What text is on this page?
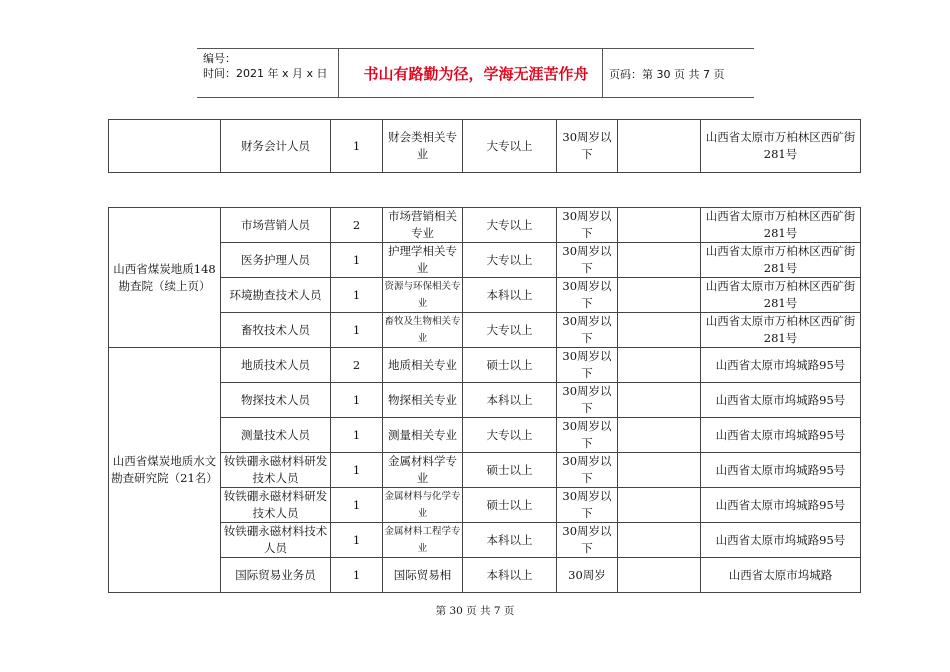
编号：
时间：2021 年 x 月 x 日	书山有路勤为径，学海无涯苦作舟	页码：第 30 页 共 7 页
	财务会计人员	1	财会类相关专业	大专以上	30周岁以下		山西省太原市万柏林区西矿街281号
山西省煤炭地质148勘查院（续上页）	市场营销人员	2	市场营销相关专业	大专以上	30周岁以下		山西省太原市万柏林区西矿街281号
	医务护理人员	1	护理学相关专业	大专以上	30周岁以下		山西省太原市万柏林区西矿街281号
	环境勘查技术人员	1	资源与环保相关专业	本科以上	30周岁以下		山西省太原市万柏林区西矿街281号
	畜牧技术人员	1	畜牧及生物相关专业	大专以上	30周岁以下		山西省太原市万柏林区西矿街281号
山西省煤炭地质水文勘查研究院（21名）	地质技术人员	2	地质相关专业	硕士以上	30周岁以下		山西省太原市坞城路95号
	物探技术人员	1	物探相关专业	本科以上	30周岁以下		山西省太原市坞城路95号
	测量技术人员	1	测量相关专业	大专以上	30周岁以下		山西省太原市坞城路95号
	钕铁硼永磁材料研发技术人员	1	金属材料学专业	硕士以上	30周岁以下		山西省太原市坞城路95号
	钕铁硼永磁材料研发技术人员	1	金属材料与化学专业	硕士以上	30周岁以下		山西省太原市坞城路95号
	钕铁硼永磁材料技术人员	1	金属材料工程学专业	本科以上	30周岁以下		山西省太原市坞城路95号
	国际贸易业务员	1	国际贸易相	本科以上	30周岁		山西省太原市坞城路
第 30 页 共 7 页
